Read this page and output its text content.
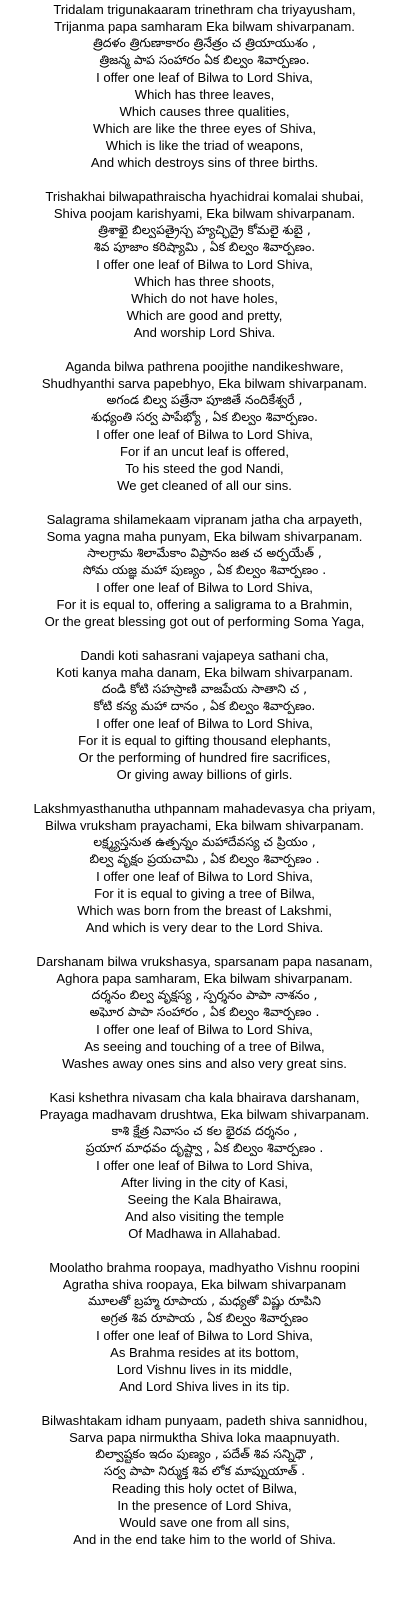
Tridalam trigunakaaram trinethram cha triyayusham,
Trijanma papa samharam Eka bilwam shivarpanam.
త్రిదళం త్రిగుణాకారం త్రినేత్రం చ త్రియాయుశం ,
త్రిజన్మ పాప సంహారం ఏక బిల్వం శివార్పణం.
I offer one leaf of Bilwa to Lord Shiva,
Which has three leaves,
Which causes three qualities,
Which are like the three eyes of Shiva,
Which is like the triad of weapons,
And which destroys sins of three births.
Trishakhai bilwapathraischa hyachidrai komalai shubai,
Shiva poojam karishyami, Eka bilwam shivarpanam.
త్రిశాఖై బిల్వపత్రైస్చ హ్యచ్ఛిద్రై కోమలై శుబై ,
శివ పూజాం కరిష్యామి , ఏక బిల్వం శివార్పణం.
I offer one leaf of Bilwa to Lord Shiva,
Which has three shoots,
Which do not have holes,
Which are good and pretty,
And worship Lord Shiva.
Aganda bilwa pathrena poojithe nandikeshware,
Shudhyanthi sarva papebhyo, Eka bilwam shivarpanam.
అగండ బిల్వ పత్రేనా పూజితే నందికేశ్వరే ,
శుధ్యంతి సర్వ పాపేభ్యో , ఏక బిల్వం శివార్పణం.
I offer one leaf of Bilwa to Lord Shiva,
For if an uncut leaf is offered,
To his steed the god Nandi,
We get cleaned of all our sins.
Salagrama shilamekaam vipranam jatha cha arpayeth,
Soma yagna maha punyam, Eka bilwam shivarpanam.
సాలగ్రామ శిలామేకాం విప్రానం జత చ అర్పయేత్ ,
సోమ యజ్ఞ మహా పుణ్యం , ఏక బిల్వం శివార్పణం .
I offer one leaf of Bilwa to Lord Shiva,
For it is equal to, offering a saligrama to a Brahmin,
Or the great blessing got out of performing Soma Yaga,
Dandi koti sahasrani vajapeya sathani cha,
Koti kanya maha danam, Eka bilwam shivarpanam.
దండి కోటి సహస్రాణి వాజపేయ సాతాని చ ,
కోటి కన్య మహా దానం , ఏక బిల్వం శివార్పణం.
I offer one leaf of Bilwa to Lord Shiva,
For it is equal to gifting thousand elephants,
Or the performing of hundred fire sacrifices,
Or giving away billions of girls.
Lakshmyasthanutha uthpannam mahadevasya cha priyam,
Bilwa vruksham prayachami, Eka bilwam shivarpanam.
లక్ష్మ్యస్తనుత ఉత్పన్నం మహాదేవస్య చ ప్రియం ,
బిల్వ వృక్షం ప్రయచామి , ఏక బిల్వం శివార్పణం .
I offer one leaf of Bilwa to Lord Shiva,
For it is equal to giving a tree of Bilwa,
Which was born from the breast of Lakshmi,
And which is very dear to the Lord Shiva.
Darshanam bilwa vrukshasya, sparsanam papa nasanam,
Aghora papa samharam, Eka bilwam shivarpanam.
దర్శనం బిల్వ వృక్షస్య , స్పర్శనం పాపా నాశనం ,
అఘోర పాపా సంహారం , ఏక బిల్వం శివార్పణం .
I offer one leaf of Bilwa to Lord Shiva,
As seeing and touching of a tree of Bilwa,
Washes away ones sins and also very great sins.
Kasi kshethra nivasam cha kala bhairava darshanam,
Prayaga madhavam drushtwa, Eka bilwam shivarpanam.
కాశి క్షేత్ర నివాసం చ కల భైరవ దర్శనం ,
ప్రయాగ మాధవం దృష్ట్వా , ఏక బిల్వం శివార్పణం .
I offer one leaf of Bilwa to Lord Shiva,
After living in the city of Kasi,
Seeing the Kala Bhairawa,
And also visiting the temple
Of Madhawa in Allahabad.
Moolatho brahma roopaya, madhyatho Vishnu roopini
Agratha shiva roopaya, Eka bilwam shivarpanam
మూలతో బ్రహ్మ రూపాయ , మధ్యతో విష్ణు రూపిని
అగ్రత శివ రూపాయ , ఏక బిల్వం శివార్పణం
I offer one leaf of Bilwa to Lord Shiva,
As Brahma resides at its bottom,
Lord Vishnu lives in its middle,
And Lord Shiva lives in its tip.
Bilwashtakam idham punyaam, padeth shiva sannidhou,
Sarva papa nirmuktha Shiva loka maapnuyath.
బిల్వాష్టకం ఇదం పుణ్యం , పదేత్ శివ సన్నిధౌ ,
సర్వ పాపా నిర్ముక్త శివ లోక మాప్నుయాత్ .
Reading this holy octet of Bilwa,
In the presence of Lord Shiva,
Would save one from all sins,
And in the end take him to the world of Shiva.
